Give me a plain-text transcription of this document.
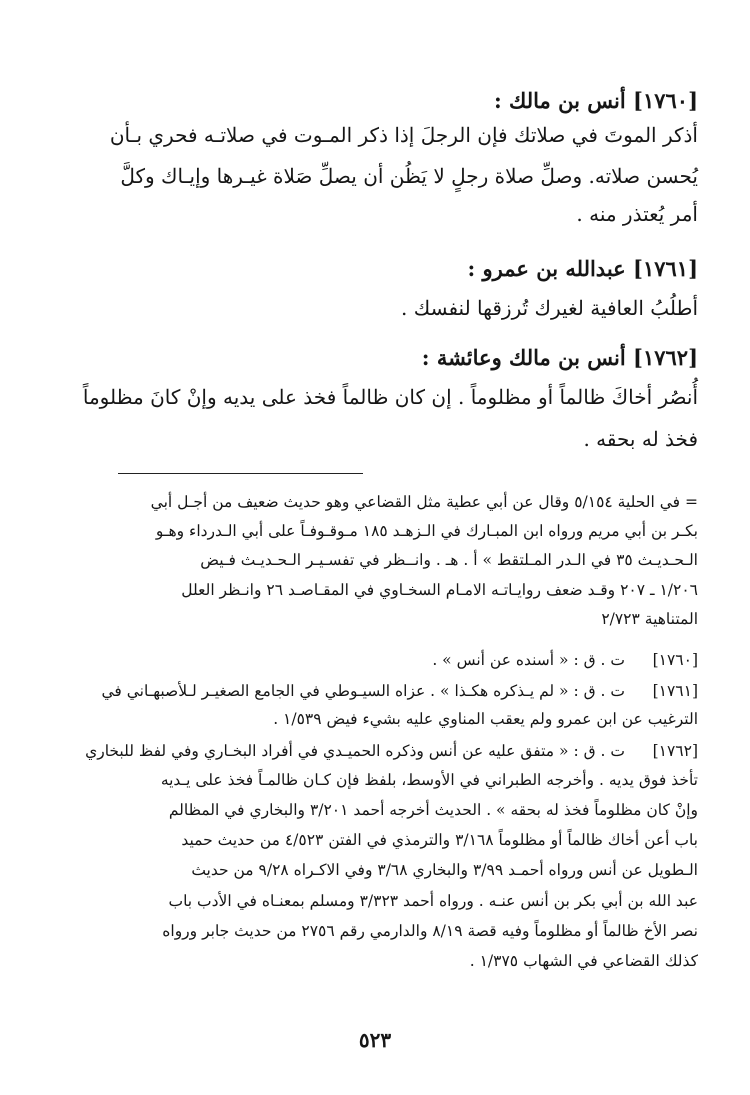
[١٧٦٠] أنس بن مالك :
أذكر الموتَ في صلاتك فإن الرجلَ إذا ذكر المـوت في صلاتـه فحري بـأن
يُحسن صلاته. وصلِّ صلاة رجلٍ لا يَظُن أن يصلِّ صَلاة غيـرها وإيـاك وكلَّ
أمر يُعتذر منه .
[١٧٦١] عبدالله بن عمرو :
أطلُبُ العافية لغيرك تُرزقها لنفسك .
[١٧٦٢] أنس بن مالك وعائشة :
أُنصُر أخاكَ ظالماً أو مظلوماً . إن كان ظالماً فخذ على يديه وإنْ كانَ مظلوماً
فخذ له بحقه .
= في الحلية ٥/١٥٤ وقال عن أبي عطية مثل القضاعي وهو حديث ضعيف من أجـل أبي
بكـر بن أبي مريم ورواه ابن المبـارك في الـزهـد ١٨٥ مـوقـوفـاً على أبي الـدرداء وهـو
الـحـديـث ٣٥ في الـدر المـلتقط » أ . هـ . وانــظر في تفسـيـر الـحـديـث فـيض
١/٢٠٦ ـ ٢٠٧ وقـد ضعف روايـاتـه الامـام السخـاوي في المقـاصـد ٢٦ وانـظر العلل
المتناهية ٢/٧٢٣
[١٧٦٠]
ت . ق : « أسنده عن أنس » .
[١٧٦١]
ت . ق : « لم يـذكره هكـذا » . عزاه السيـوطي في الجامع الصغيـر لـلأصبهـاني في
الترغيب عن ابن عمرو ولم يعقب المناوي عليه بشيء فيض ١/٥٣٩ .
[١٧٦٢]
ت . ق : « متفق عليه عن أنس وذكره الحميـدي في أفراد البخـاري وفي لفظ للبخاري
تأخذ فوق يديه . وأخرجه الطبراني في الأوسط، بلفظ فإن كـان ظالمـاً فخذ على يـديه
وإنْ كان مظلوماً فخذ له بحقه » . الحديث أخرجه أحمد ٣/٢٠١ والبخاري في المظالم
باب أعن أخاك ظالماً أو مظلوماً ٣/١٦٨ والترمذي في الفتن ٤/٥٢٣ من حديث حميد
الـطويل عن أنس ورواه أحمـد ٣/٩٩ والبخاري ٣/٦٨ وفي الاكـراه ٩/٢٨ من حديث
عبد الله بن أبي بكر بن أنس عنـه . ورواه أحمد ٣/٣٢٣ ومسلم بمعنـاه في الأدب باب
نصر الأخ ظالماً أو مظلوماً وفيه قصة ٨/١٩ والدارمي رقم ٢٧٥٦ من حديث جابر ورواه
كذلك القضاعي في الشهاب ١/٣٧٥ .
٥٢٣
